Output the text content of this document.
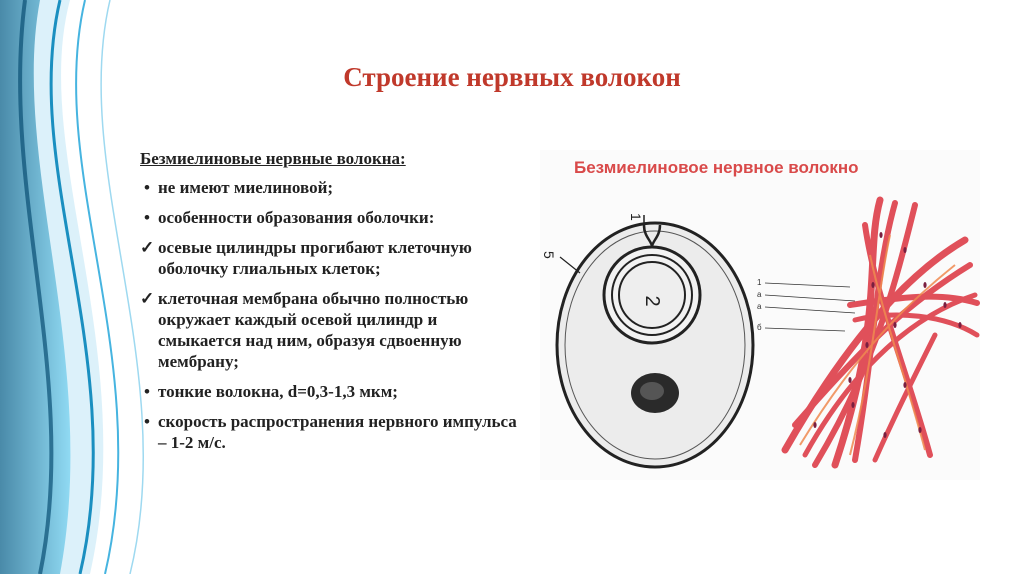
Строение нервных волокон
Безмиелиновые нервные волокна:
• не имеют миелиновой;
• особенности образования оболочки:
✓ осевые цилиндры прогибают клеточную оболочку глиальных клеток;
✓ клеточная мембрана обычно полностью окружает каждый осевой цилиндр и смыкается над ним, образуя сдвоенную мембрану;
• тонкие волокна, d=0,3-1,3 мкм;
• скорость распространения нервного импульса – 1-2 м/с.

Безмиелиновое нервное волокно

2
1
5
1
а
а
б
